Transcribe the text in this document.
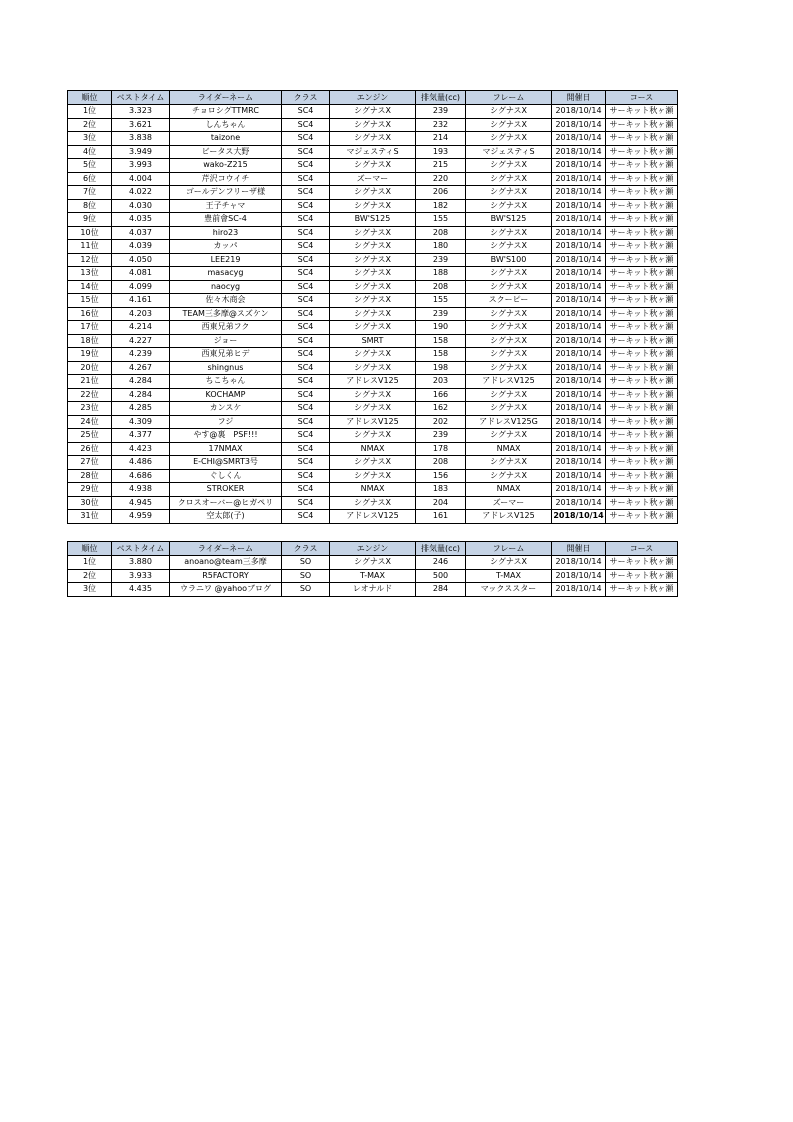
順位	ベストタイム	ライダーネーム	クラス	エンジン	排気量(cc)	フレーム	開催日	コース
1位	3.323	チョロシグTTMRC	SC4	シグナスX	239	シグナスX	2018/10/14	サーキット秋ヶ瀬
2位	3.621	しんちゃん	SC4	シグナスX	232	シグナスX	2018/10/14	サーキット秋ヶ瀬
3位	3.838	taizone	SC4	シグナスX	214	シグナスX	2018/10/14	サーキット秋ヶ瀬
4位	3.949	ビータス大野	SC4	マジェスティS	193	マジェスティS	2018/10/14	サーキット秋ヶ瀬
5位	3.993	wako-Z215	SC4	シグナスX	215	シグナスX	2018/10/14	サーキット秋ヶ瀬
6位	4.004	芹沢コウイチ	SC4	ズーマー	220	シグナスX	2018/10/14	サーキット秋ヶ瀬
7位	4.022	ゴールデンフリーザ様	SC4	シグナスX	206	シグナスX	2018/10/14	サーキット秋ヶ瀬
8位	4.030	王子チャマ	SC4	シグナスX	182	シグナスX	2018/10/14	サーキット秋ヶ瀬
9位	4.035	豊前會SC-4	SC4	BW'S125	155	BW'S125	2018/10/14	サーキット秋ヶ瀬
10位	4.037	hiro23	SC4	シグナスX	208	シグナスX	2018/10/14	サーキット秋ヶ瀬
11位	4.039	カッパ	SC4	シグナスX	180	シグナスX	2018/10/14	サーキット秋ヶ瀬
12位	4.050	LEE219	SC4	シグナスX	239	BW'S100	2018/10/14	サーキット秋ヶ瀬
13位	4.081	masacyg	SC4	シグナスX	188	シグナスX	2018/10/14	サーキット秋ヶ瀬
14位	4.099	naocyg	SC4	シグナスX	208	シグナスX	2018/10/14	サーキット秋ヶ瀬
15位	4.161	佐々木商会	SC4	シグナスX	155	スクーピー	2018/10/14	サーキット秋ヶ瀬
16位	4.203	TEAM三多摩@スズケン	SC4	シグナスX	239	シグナスX	2018/10/14	サーキット秋ヶ瀬
17位	4.214	西東兄弟フク	SC4	シグナスX	190	シグナスX	2018/10/14	サーキット秋ヶ瀬
18位	4.227	ジョー	SC4	SMRT	158	シグナスX	2018/10/14	サーキット秋ヶ瀬
19位	4.239	西東兄弟ヒデ	SC4	シグナスX	158	シグナスX	2018/10/14	サーキット秋ヶ瀬
20位	4.267	shingnus	SC4	シグナスX	198	シグナスX	2018/10/14	サーキット秋ヶ瀬
21位	4.284	ちこちゃん	SC4	アドレスV125	203	アドレスV125	2018/10/14	サーキット秋ヶ瀬
22位	4.284	KOCHAMP	SC4	シグナスX	166	シグナスX	2018/10/14	サーキット秋ヶ瀬
23位	4.285	カンスケ	SC4	シグナスX	162	シグナスX	2018/10/14	サーキット秋ヶ瀬
24位	4.309	フジ	SC4	アドレスV125	202	アドレスV125G	2018/10/14	サーキット秋ヶ瀬
25位	4.377	やす@裏　PSF!!!	SC4	シグナスX	239	シグナスX	2018/10/14	サーキット秋ヶ瀬
26位	4.423	17NMAX	SC4	NMAX	178	NMAX	2018/10/14	サーキット秋ヶ瀬
27位	4.486	E-CHI@SMRT3号	SC4	シグナスX	208	シグナスX	2018/10/14	サーキット秋ヶ瀬
28位	4.686	ぐしくん	SC4	シグナスX	156	シグナスX	2018/10/14	サーキット秋ヶ瀬
29位	4.938	STROKER	SC4	NMAX	183	NMAX	2018/10/14	サーキット秋ヶ瀬
30位	4.945	クロスオーバー@ヒガペリ	SC4	シグナスX	204	ズーマー	2018/10/14	サーキット秋ヶ瀬
31位	4.959	空太郎(子)	SC4	アドレスV125	161	アドレスV125	2018/10/14	サーキット秋ヶ瀬
順位	ベストタイム	ライダーネーム	クラス	エンジン	排気量(cc)	フレーム	開催日	コース
1位	3.880	anoano@team三多摩	SO	シグナスX	246	シグナスX	2018/10/14	サーキット秋ヶ瀬
2位	3.933	R5FACTORY	SO	T-MAX	500	T-MAX	2018/10/14	サーキット秋ヶ瀬
3位	4.435	ウラニワ @yahooブログ	SO	レオナルド	284	マックススター	2018/10/14	サーキット秋ヶ瀬
